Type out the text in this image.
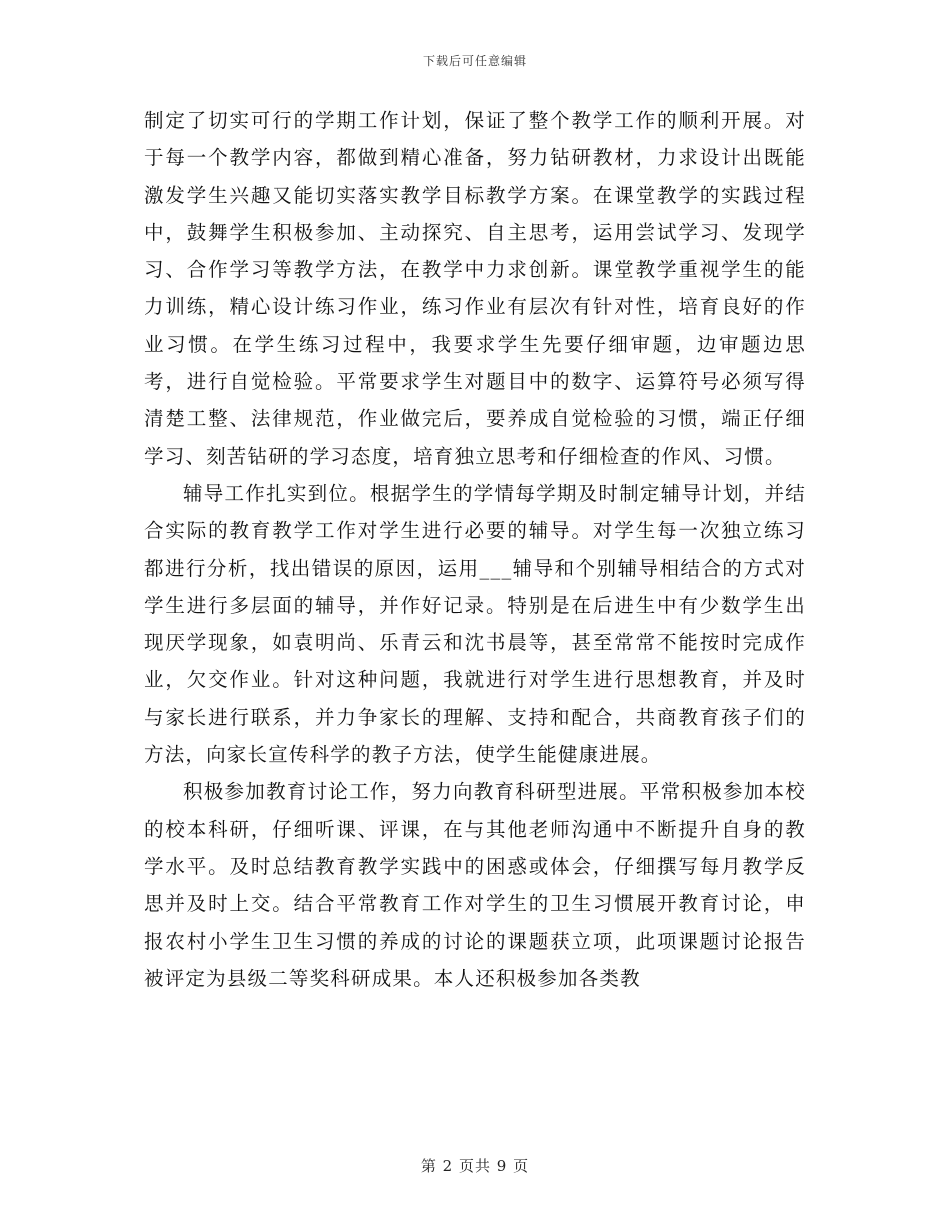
下载后可任意编辑

制定了切实可行的学期工作计划，保证了整个教学工作的顺利开展。对于每一个教学内容，都做到精心准备，努力钻研教材，力求设计出既能激发学生兴趣又能切实落实教学目标教学方案。在课堂教学的实践过程中，鼓舞学生积极参加、主动探究、自主思考，运用尝试学习、发现学习、合作学习等教学方法，在教学中力求创新。课堂教学重视学生的能力训练，精心设计练习作业，练习作业有层次有针对性，培育良好的作业习惯。在学生练习过程中，我要求学生先要仔细审题，边审题边思考，进行自觉检验。平常要求学生对题目中的数字、运算符号必须写得清楚工整、法律规范，作业做完后，要养成自觉检验的习惯，端正仔细学习、刻苦钻研的学习态度，培育独立思考和仔细检查的作风、习惯。

辅导工作扎实到位。根据学生的学情每学期及时制定辅导计划，并结合实际的教育教学工作对学生进行必要的辅导。对学生每一次独立练习都进行分析，找出错误的原因，运用___辅导和个别辅导相结合的方式对学生进行多层面的辅导，并作好记录。特别是在后进生中有少数学生出现厌学现象，如袁明尚、乐青云和沈书晨等，甚至常常不能按时完成作业，欠交作业。针对这种问题，我就进行对学生进行思想教育，并及时与家长进行联系，并力争家长的理解、支持和配合，共商教育孩子们的方法，向家长宣传科学的教子方法，使学生能健康进展。

积极参加教育讨论工作，努力向教育科研型进展。平常积极参加本校的校本科研，仔细听课、评课，在与其他老师沟通中不断提升自身的教学水平。及时总结教育教学实践中的困惑或体会，仔细撰写每月教学反思并及时上交。结合平常教育工作对学生的卫生习惯展开教育讨论，申报农村小学生卫生习惯的养成的讨论的课题获立项，此项课题讨论报告被评定为县级二等奖科研成果。本人还积极参加各类教

第 2 页共 9 页
